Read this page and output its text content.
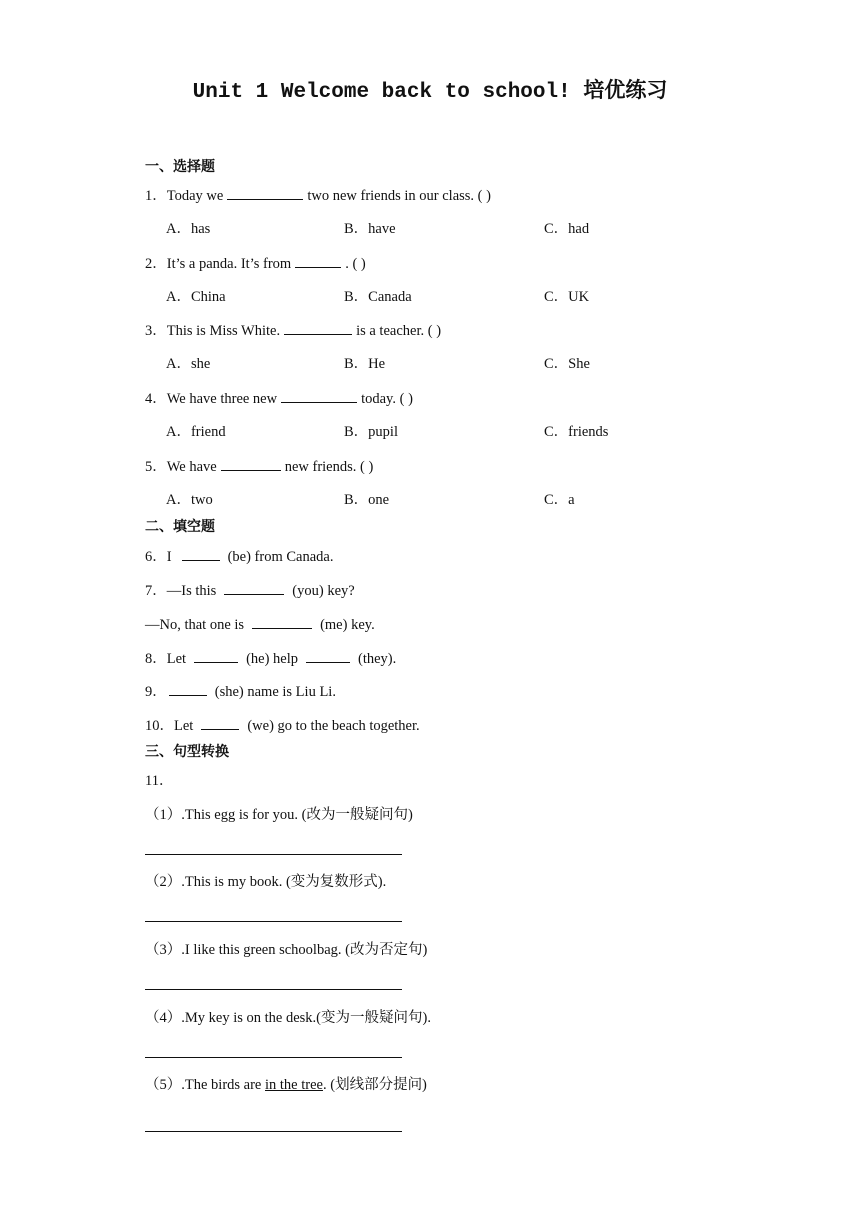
Unit 1 Welcome back to school! 培优练习
一、选择题
1．Today we	two new friends in our class. ( )
A．has	B．have	C．had
2．It’s a panda. It’s from	. ( )
A．China	B．Canada	C．UK
3．This is Miss White.	is a teacher. ( )
A．she	B．He	C．She
4．We have three new	today. ( )
A．friend	B．pupil	C．friends
5．We have	new friends. ( )
A．two	B．one	C．a
二、填空题
6．I	(be) from Canada.
7．—Is this	(you) key?
—No, that one is	(me) key.
8．Let	(he) help	(they).
9．	(she) name is Liu Li.
10．Let	(we) go to the beach together.
三、句型转换
11．
（1）.This egg is for you. (改为一般疑问句)
（2）.This is my book. (变为复数形式).
（3）.I like this green schoolbag. (改为否定句)
（4）.My key is on the desk.(变为一般疑问句).
（5）.The birds are in the tree. (划线部分提问)
